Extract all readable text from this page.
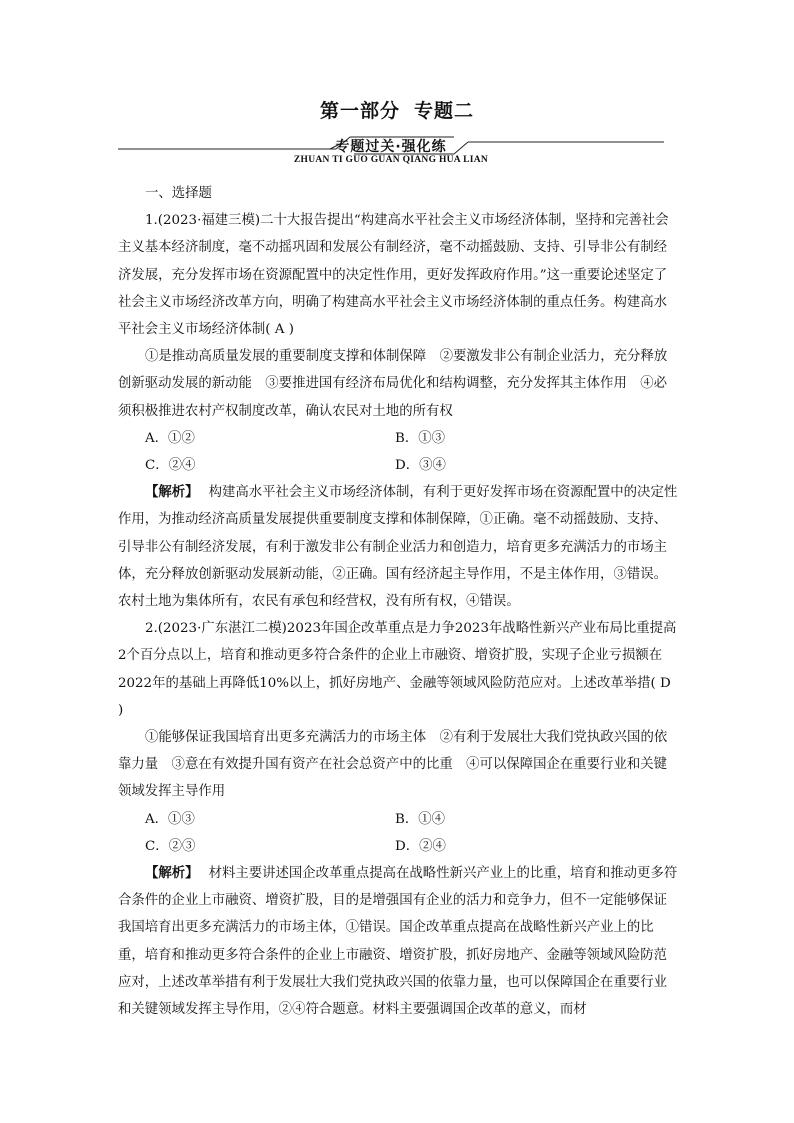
第一部分 专题二
专题过关·强化练
ZHUAN TI GUO GUAN QIANG HUA LIAN

一、选择题

1.(2023·福建三模)二十大报告提出“构建高水平社会主义市场经济体制，坚持和完善社会主义基本经济制度，毫不动摇巩固和发展公有制经济，毫不动摇鼓励、支持、引导非公有制经济发展，充分发挥市场在资源配置中的决定性作用，更好发挥政府作用。”这一重要论述坚定了社会主义市场经济改革方向，明确了构建高水平社会主义市场经济体制的重点任务。构建高水平社会主义市场经济体制( A )

①是推动高质量发展的重要制度支撑和体制保障　②要激发非公有制企业活力，充分释放创新驱动发展的新动能　③要推进国有经济布局优化和结构调整，充分发挥其主体作用　④必须积极推进农村产权制度改革，确认农民对土地的所有权

A．①②	B．①③
C．②④	D．③④

【解析】 构建高水平社会主义市场经济体制，有利于更好发挥市场在资源配置中的决定性作用，为推动经济高质量发展提供重要制度支撑和体制保障，①正确。毫不动摇鼓励、支持、引导非公有制经济发展，有利于激发非公有制企业活力和创造力，培育更多充满活力的市场主体，充分释放创新驱动发展新动能，②正确。国有经济起主导作用，不是主体作用，③错误。农村土地为集体所有，农民有承包和经营权，没有所有权，④错误。

2.(2023·广东湛江二模)2023年国企改革重点是力争2023年战略性新兴产业布局比重提高2个百分点以上，培育和推动更多符合条件的企业上市融资、增资扩股，实现子企业亏损额在2022年的基础上再降低10%以上，抓好房地产、金融等领域风险防范应对。上述改革举措( D )

①能够保证我国培育出更多充满活力的市场主体　②有利于发展壮大我们党执政兴国的依靠力量　③意在有效提升国有资产在社会总资产中的比重　④可以保障国企在重要行业和关键领域发挥主导作用

A．①③	B．①④
C．②③	D．②④

【解析】 材料主要讲述国企改革重点提高在战略性新兴产业上的比重，培育和推动更多符合条件的企业上市融资、增资扩股，目的是增强国有企业的活力和竞争力，但不一定能够保证我国培育出更多充满活力的市场主体，①错误。国企改革重点提高在战略性新兴产业上的比重，培育和推动更多符合条件的企业上市融资、增资扩股，抓好房地产、金融等领域风险防范应对，上述改革举措有利于发展壮大我们党执政兴国的依靠力量，也可以保障国企在重要行业和关键领域发挥主导作用，②④符合题意。材料主要强调国企改革的意义，而材
